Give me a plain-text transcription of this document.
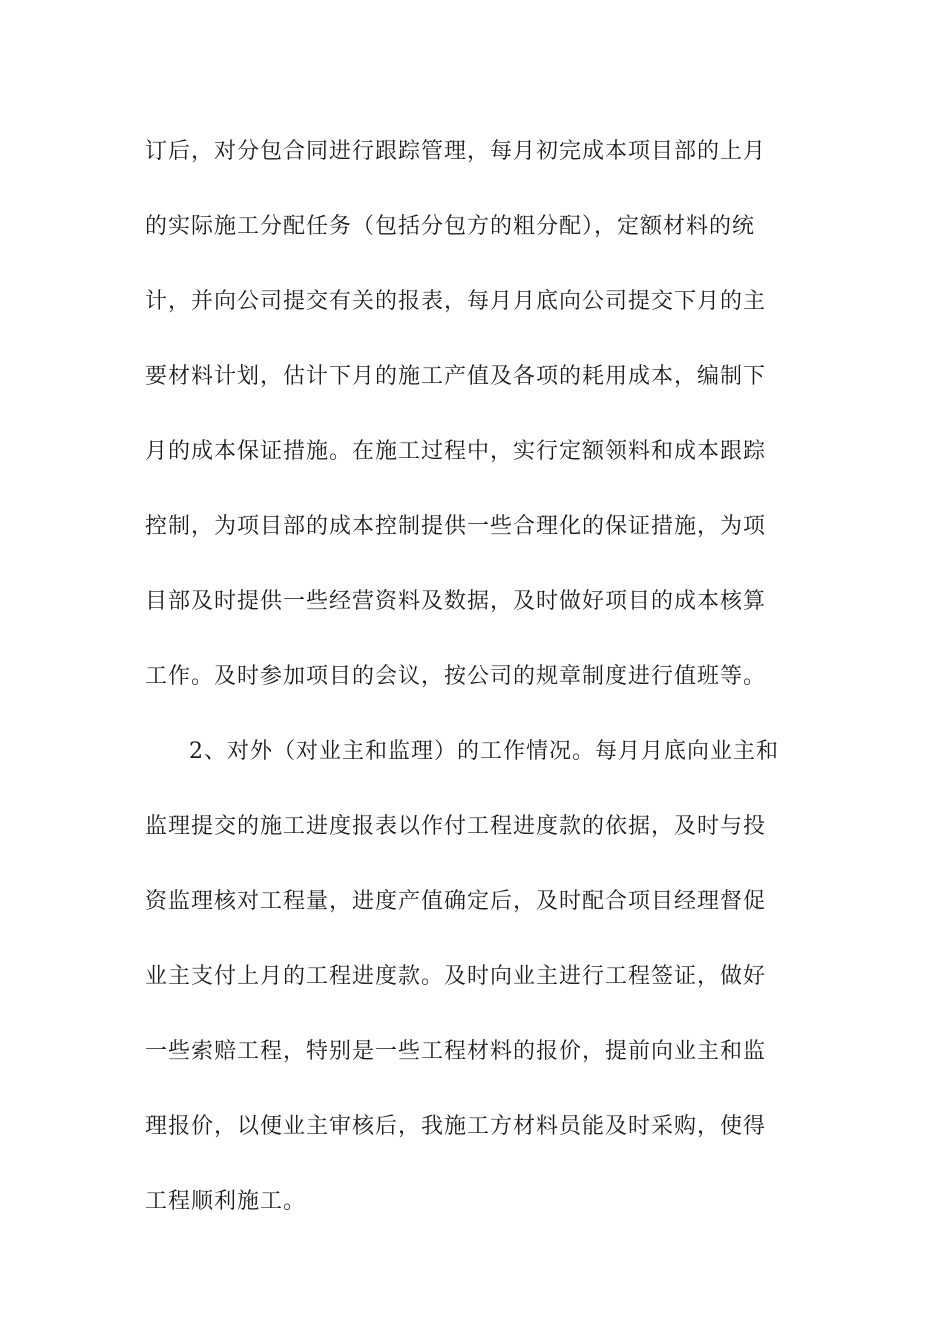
订后，对分包合同进行跟踪管理，每月初完成本项目部的上月
的实际施工分配任务（包括分包方的粗分配），定额材料的统
计，并向公司提交有关的报表，每月月底向公司提交下月的主
要材料计划，估计下月的施工产值及各项的耗用成本，编制下
月的成本保证措施。在施工过程中，实行定额领料和成本跟踪
控制，为项目部的成本控制提供一些合理化的保证措施，为项
目部及时提供一些经营资料及数据，及时做好项目的成本核算
工作。及时参加项目的会议，按公司的规章制度进行值班等。
2、对外（对业主和监理）的工作情况。每月月底向业主和
监理提交的施工进度报表以作付工程进度款的依据，及时与投
资监理核对工程量，进度产值确定后，及时配合项目经理督促
业主支付上月的工程进度款。及时向业主进行工程签证，做好
一些索赔工程，特别是一些工程材料的报价，提前向业主和监
理报价，以便业主审核后，我施工方材料员能及时采购，使得
工程顺利施工。
